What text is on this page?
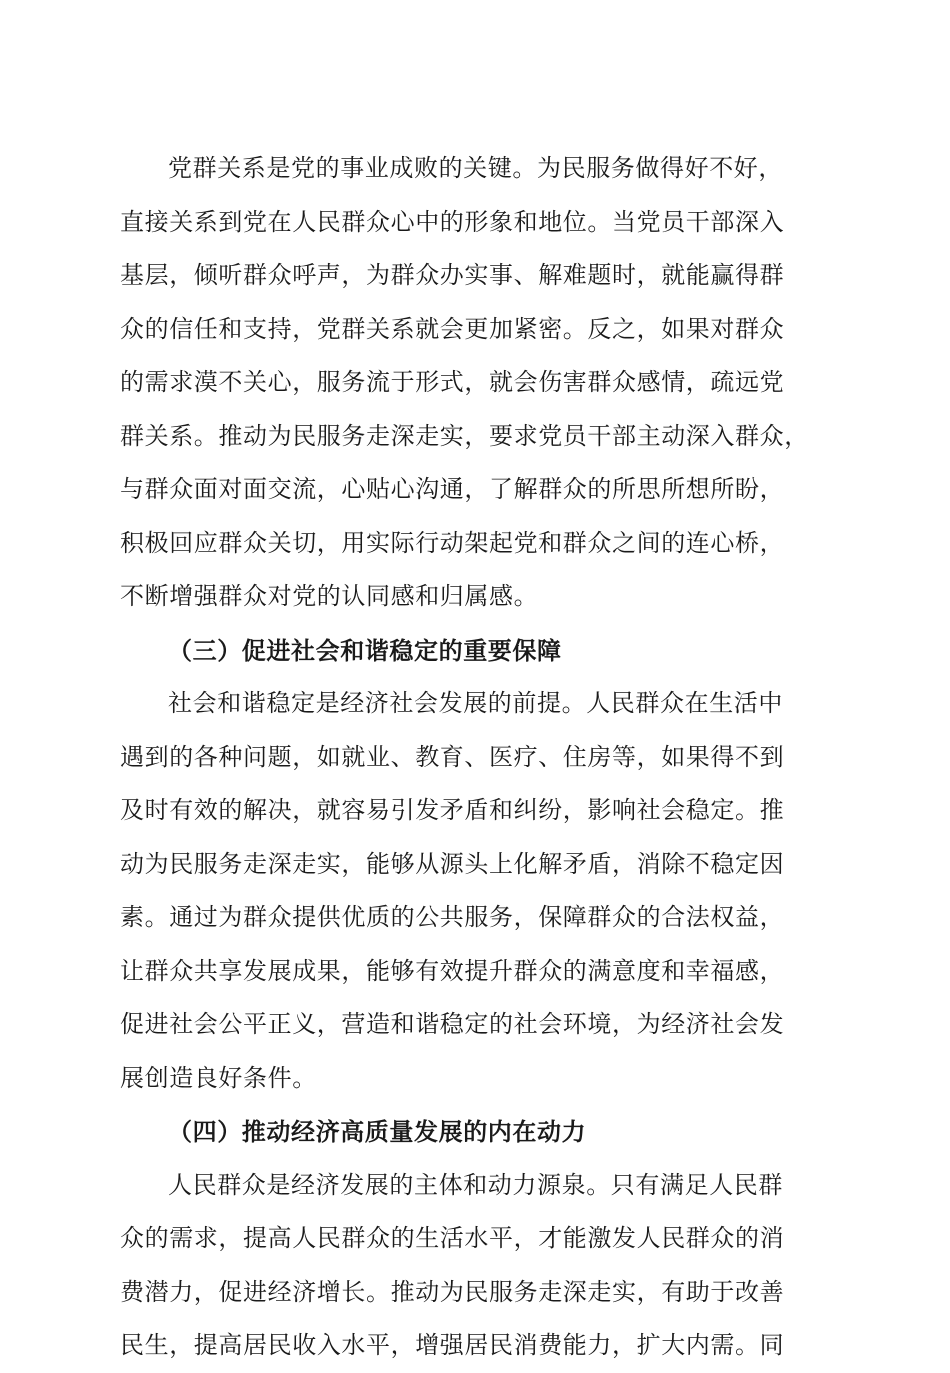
党群关系是党的事业成败的关键。为民服务做得好不好，
直接关系到党在人民群众心中的形象和地位。当党员干部深入
基层，倾听群众呼声，为群众办实事、解难题时，就能赢得群
众的信任和支持，党群关系就会更加紧密。反之，如果对群众
的需求漠不关心，服务流于形式，就会伤害群众感情，疏远党
群关系。推动为民服务走深走实，要求党员干部主动深入群众，
与群众面对面交流，心贴心沟通，了解群众的所思所想所盼，
积极回应群众关切，用实际行动架起党和群众之间的连心桥，
不断增强群众对党的认同感和归属感。
（三）促进社会和谐稳定的重要保障
社会和谐稳定是经济社会发展的前提。人民群众在生活中
遇到的各种问题，如就业、教育、医疗、住房等，如果得不到
及时有效的解决，就容易引发矛盾和纠纷，影响社会稳定。推
动为民服务走深走实，能够从源头上化解矛盾，消除不稳定因
素。通过为群众提供优质的公共服务，保障群众的合法权益，
让群众共享发展成果，能够有效提升群众的满意度和幸福感，
促进社会公平正义，营造和谐稳定的社会环境，为经济社会发
展创造良好条件。
（四）推动经济高质量发展的内在动力
人民群众是经济发展的主体和动力源泉。只有满足人民群
众的需求，提高人民群众的生活水平，才能激发人民群众的消
费潜力，促进经济增长。推动为民服务走深走实，有助于改善
民生，提高居民收入水平，增强居民消费能力，扩大内需。同
